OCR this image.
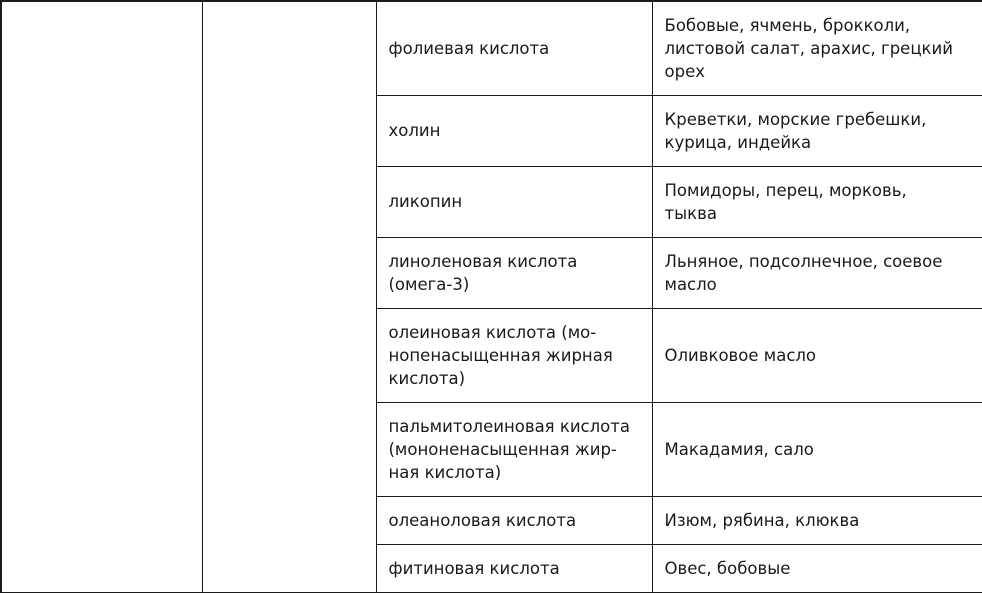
		фолиевая кислота	Бобовые, ячмень, брокколи,
листовой салат, арахис, грецкий
орех

		холин	Креветки, морские гребешки,
курица, индейка

		ликопин	Помидоры, перец, морковь,
тыква

		линоленовая кислота
(омега-3)	Льняное, подсолнечное, соевое
масло

		олеиновая кислота (мо-
нопенасыщенная жирная
кислота)	Оливковое масло

		пальмитолеиновая кислота
(мононенасыщенная жир-
ная кислота)	Макадамия, сало

		олеаноловая кислота	Изюм, рябина, клюква

		фитиновая кислота	Овес, бобовые
